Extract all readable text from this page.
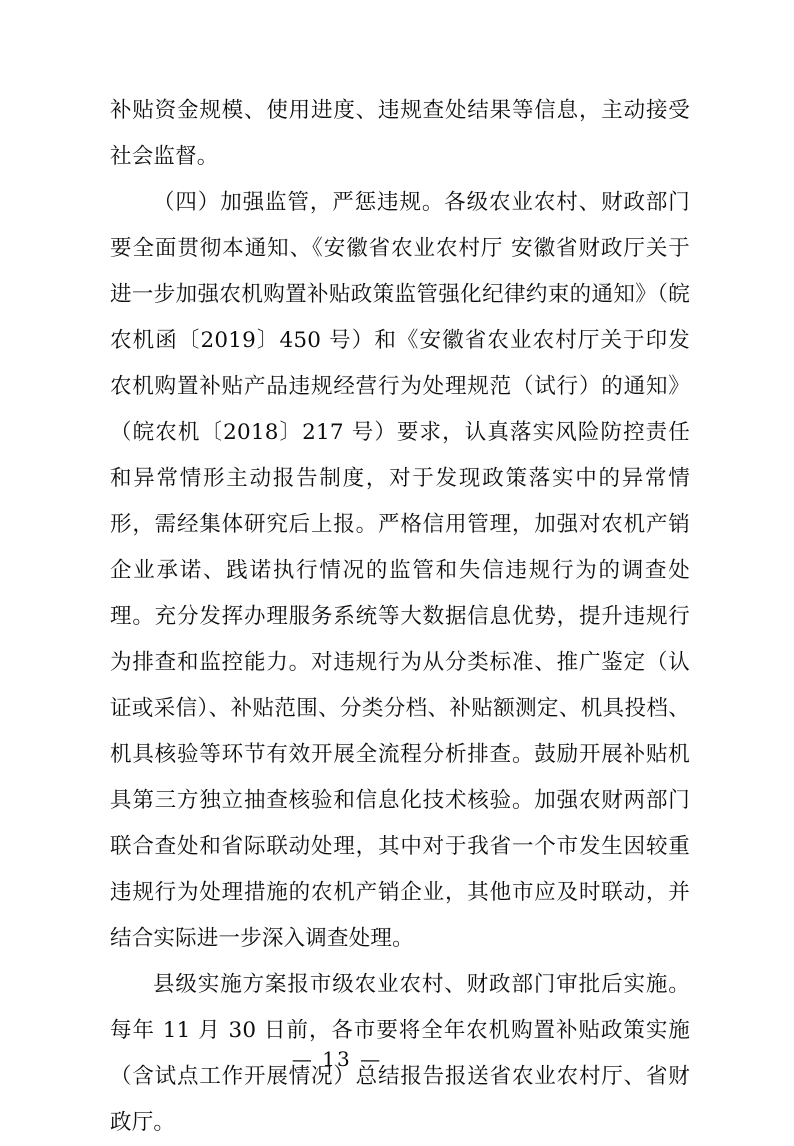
补贴资金规模、使用进度、违规查处结果等信息，主动接受社会监督。

（四）加强监管，严惩违规。各级农业农村、财政部门要全面贯彻本通知、《安徽省农业农村厅 安徽省财政厅关于进一步加强农机购置补贴政策监管强化纪律约束的通知》（皖农机函〔2019〕450 号）和《安徽省农业农村厅关于印发农机购置补贴产品违规经营行为处理规范（试行）的通知》（皖农机〔2018〕217 号）要求，认真落实风险防控责任和异常情形主动报告制度，对于发现政策落实中的异常情形，需经集体研究后上报。严格信用管理，加强对农机产销企业承诺、践诺执行情况的监管和失信违规行为的调查处理。充分发挥办理服务系统等大数据信息优势，提升违规行为排查和监控能力。对违规行为从分类标准、推广鉴定（认证或采信）、补贴范围、分类分档、补贴额测定、机具投档、机具核验等环节有效开展全流程分析排查。鼓励开展补贴机具第三方独立抽查核验和信息化技术核验。加强农财两部门联合查处和省际联动处理，其中对于我省一个市发生因较重违规行为处理措施的农机产销企业，其他市应及时联动，并结合实际进一步深入调查处理。

县级实施方案报市级农业农村、财政部门审批后实施。每年 11 月 30 日前，各市要将全年农机购置补贴政策实施（含试点工作开展情况）总结报告报送省农业农村厅、省财政厅。

— 13 —
